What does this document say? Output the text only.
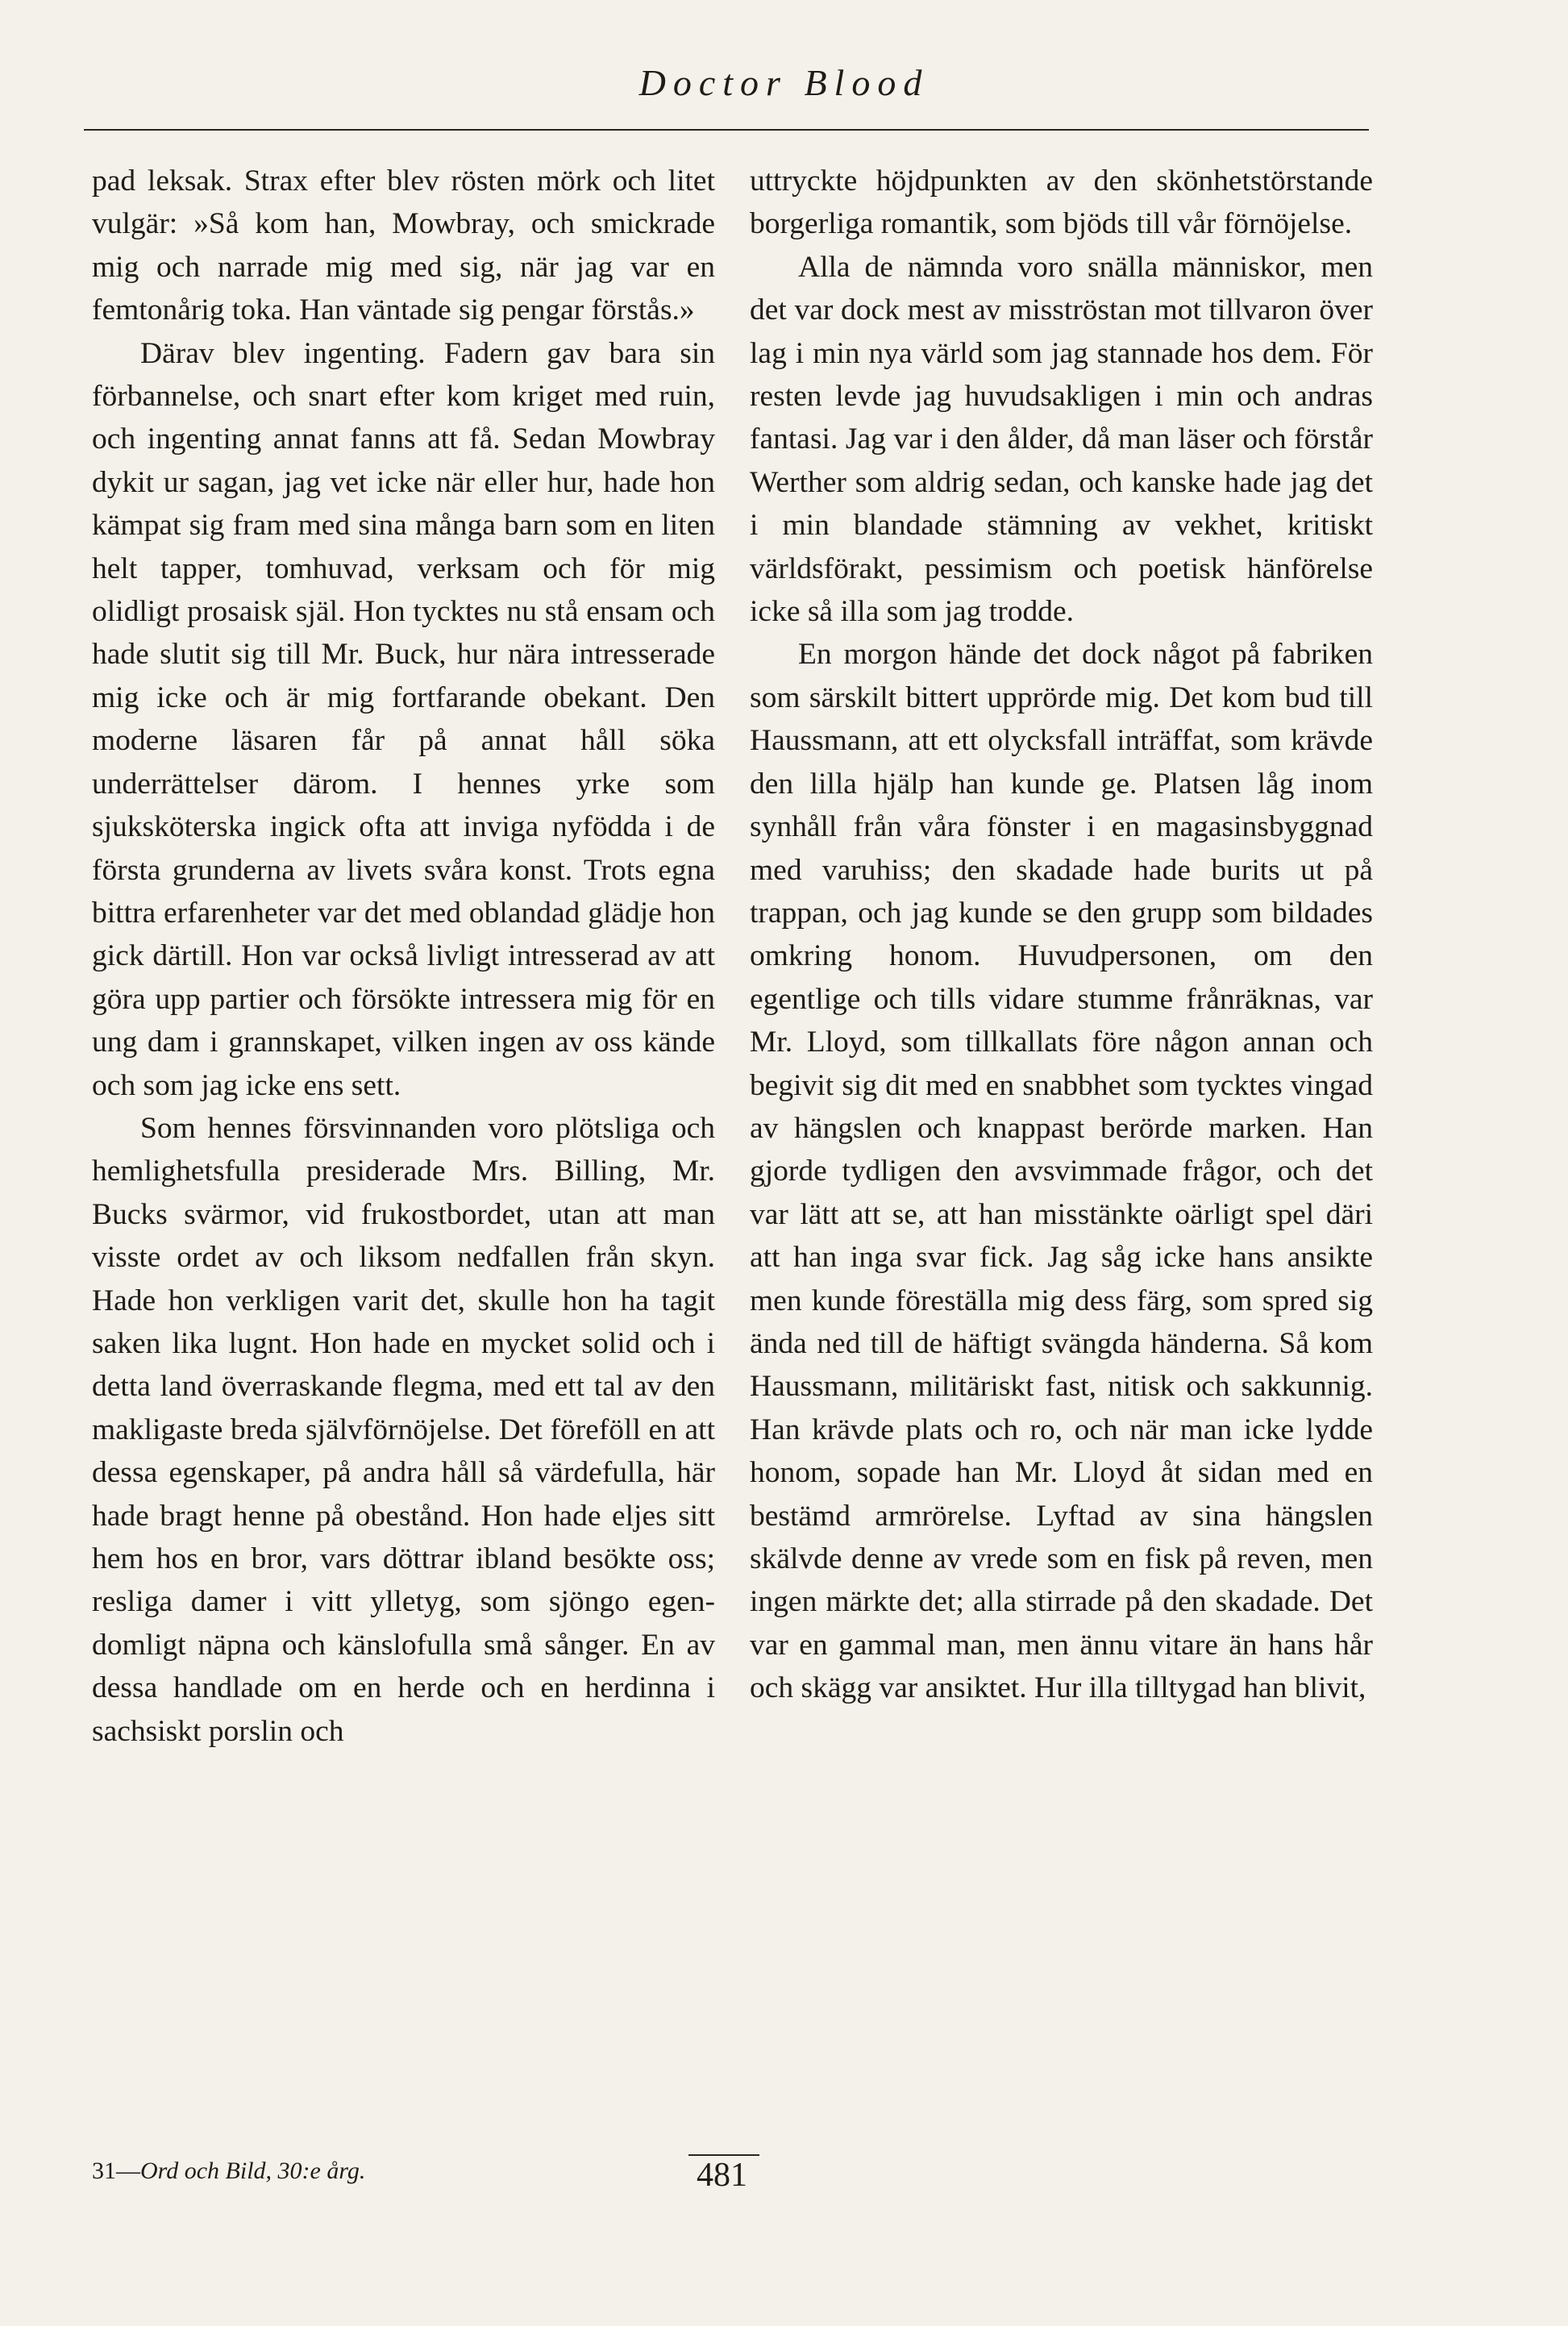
Doctor Blood

pad leksak. Strax efter blev rösten mörk och litet vulgär: »Så kom han, Mowbray, och smickrade mig och narrade mig med sig, när jag var en femtonårig toka. Han väntade sig pengar förstås.»

Därav blev ingenting. Fadern gav bara sin förbannelse, och snart efter kom kriget med ruin, och ingenting annat fanns att få. Sedan Mowbray dykit ur sagan, jag vet icke när eller hur, hade hon kämpat sig fram med sina många barn som en liten helt tapper, tomhuvad, verksam och för mig olidligt prosaisk själ. Hon tycktes nu stå ensam och hade slutit sig till Mr. Buck, hur nära intresserade mig icke och är mig fortfarande obekant. Den moderne läsaren får på annat håll söka underrättelser därom. I hennes yrke som sjuksköterska ingick ofta att inviga nyfödda i de första grunderna av livets svåra konst. Trots egna bittra erfarenheter var det med oblandad glädje hon gick därtill. Hon var också livligt intresserad av att göra upp partier och försökte intressera mig för en ung dam i grannskapet, vilken ingen av oss kände och som jag icke ens sett.

Som hennes försvinnanden voro plötsliga och hemlighetsfulla presiderade Mrs. Billing, Mr. Bucks svärmor, vid frukostbordet, utan att man visste ordet av och liksom nedfallen från skyn. Hade hon verkligen varit det, skulle hon ha tagit saken lika lugnt. Hon hade en mycket solid och i detta land överraskande flegma, med ett tal av den makligaste breda självförnöjelse. Det föreföll en att dessa egenskaper, på andra håll så värdefulla, här hade bragt henne på obestånd. Hon hade eljes sitt hem hos en bror, vars döttrar ibland besökte oss; resliga damer i vitt ylletyg, som sjöngo egendomligt näpna och känslofulla små sånger. En av dessa handlade om en herde och en herdinna i sachsiskt porslin och

uttryckte höjdpunkten av den skönhetstörstande borgerliga romantik, som bjöds till vår förnöjelse.

Alla de nämnda voro snälla människor, men det var dock mest av misströstan mot tillvaron över lag i min nya värld som jag stannade hos dem. För resten levde jag huvudsakligen i min och andras fantasi. Jag var i den ålder, då man läser och förstår Werther som aldrig sedan, och kanske hade jag det i min blandade stämning av vekhet, kritiskt världsförakt, pessimism och poetisk hänförelse icke så illa som jag trodde.

En morgon hände det dock något på fabriken som särskilt bittert upprörde mig. Det kom bud till Haussmann, att ett olycksfall inträffat, som krävde den lilla hjälp han kunde ge. Platsen låg inom synhåll från våra fönster i en magasinsbyggnad med varuhiss; den skadade hade burits ut på trappan, och jag kunde se den grupp som bildades omkring honom. Huvudpersonen, om den egentlige och tills vidare stumme frånräknas, var Mr. Lloyd, som tillkallats före någon annan och begivit sig dit med en snabbhet som tycktes vingad av hängslen och knappast berörde marken. Han gjorde tydligen den avsvimmade frågor, och det var lätt att se, att han misstänkte oärligt spel däri att han inga svar fick. Jag såg icke hans ansikte men kunde föreställa mig dess färg, som spred sig ända ned till de häftigt svängda händerna. Så kom Haussmann, militäriskt fast, nitisk och sakkunnig. Han krävde plats och ro, och när man icke lydde honom, sopade han Mr. Lloyd åt sidan med en bestämd armrörelse. Lyftad av sina hängslen skälvde denne av vrede som en fisk på reven, men ingen märkte det; alla stirrade på den skadade. Det var en gammal man, men ännu vitare än hans hår och skägg var ansiktet. Hur illa tilltygad han blivit,

31—Ord och Bild, 30:e årg.	481
